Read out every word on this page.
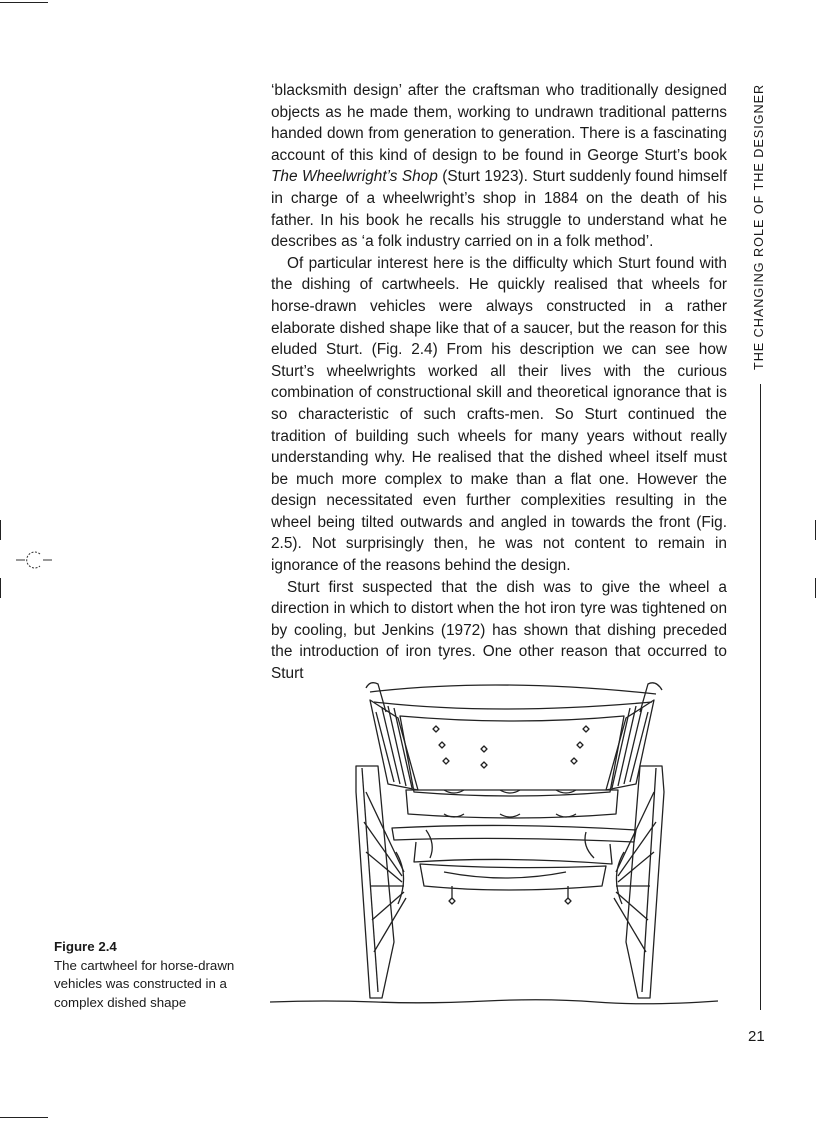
THE CHANGING ROLE OF THE DESIGNER

‘blacksmith design’ after the craftsman who traditionally designed objects as he made them, working to undrawn traditional patterns handed down from generation to generation. There is a fascinating account of this kind of design to be found in George Sturt’s book The Wheelwright’s Shop (Sturt 1923). Sturt suddenly found himself in charge of a wheelwright’s shop in 1884 on the death of his father. In his book he recalls his struggle to understand what he describes as ‘a folk industry carried on in a folk method’.

Of particular interest here is the difficulty which Sturt found with the dishing of cartwheels. He quickly realised that wheels for horse-drawn vehicles were always constructed in a rather elaborate dished shape like that of a saucer, but the reason for this eluded Sturt. (Fig. 2.4) From his description we can see how Sturt’s wheelwrights worked all their lives with the curious combination of constructional skill and theoretical ignorance that is so characteristic of such crafts-men. So Sturt continued the tradition of building such wheels for many years without really understanding why. He realised that the dished wheel itself must be much more complex to make than a flat one. However the design necessitated even further complexities resulting in the wheel being tilted outwards and angled in towards the front (Fig. 2.5). Not surprisingly then, he was not content to remain in ignorance of the reasons behind the design.

Sturt first suspected that the dish was to give the wheel a direction in which to distort when the hot iron tyre was tightened on by cooling, but Jenkins (1972) has shown that dishing preceded the introduction of iron tyres. One other reason that occurred to Sturt

Figure 2.4
The cartwheel for horse-drawn vehicles was constructed in a complex dished shape
21
